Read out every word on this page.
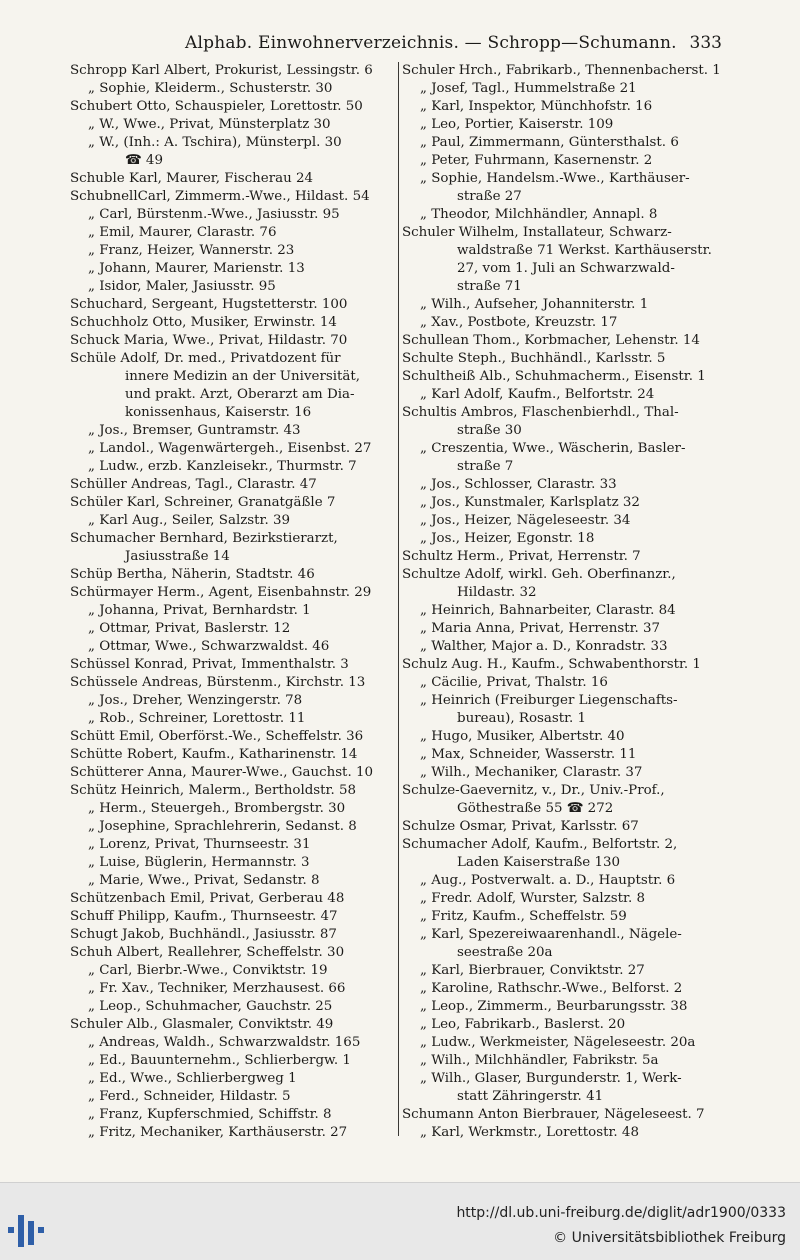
Alphab. Einwohnerverzeichnis. — Schropp—Schumann. 333
Schropp Karl Albert, Prokurist, Lessingstr. 6
„ Sophie, Kleiderm., Schusterstr. 30
Schubert Otto, Schauspieler, Lorettostr. 50
„ W., Wwe., Privat, Münsterplatz 30
„ W., (Inh.: A. Tschira), Münsterpl. 30
☎ 49
Schuble Karl, Maurer, Fischerau 24
SchubnellCarl, Zimmerm.-Wwe., Hildast. 54
„ Carl, Bürstenm.-Wwe., Jasiusstr. 95
„ Emil, Maurer, Clarastr. 76
„ Franz, Heizer, Wannerstr. 23
„ Johann, Maurer, Marienstr. 13
„ Isidor, Maler, Jasiusstr. 95
Schuchard, Sergeant, Hugstetterstr. 100
Schuchholz Otto, Musiker, Erwinstr. 14
Schuck Maria, Wwe., Privat, Hildastr. 70
Schüle Adolf, Dr. med., Privatdozent für
innere Medizin an der Universität,
und prakt. Arzt, Oberarzt am Dia-
konissenhaus, Kaiserstr. 16
„ Jos., Bremser, Guntramstr. 43
„ Landol., Wagenwärtergeh., Eisenbst. 27
„ Ludw., erzb. Kanzleisekr., Thurmstr. 7
Schüller Andreas, Tagl., Clarastr. 47
Schüler Karl, Schreiner, Granatgäßle 7
„ Karl Aug., Seiler, Salzstr. 39
Schumacher Bernhard, Bezirkstierarzt,
Jasiusstraße 14
Schüp Bertha, Näherin, Stadtstr. 46
Schürmayer Herm., Agent, Eisenbahnstr. 29
„ Johanna, Privat, Bernhardstr. 1
„ Ottmar, Privat, Baslerstr. 12
„ Ottmar, Wwe., Schwarzwaldst. 46
Schüssel Konrad, Privat, Immenthalstr. 3
Schüssele Andreas, Bürstenm., Kirchstr. 13
„ Jos., Dreher, Wenzingerstr. 78
„ Rob., Schreiner, Lorettostr. 11
Schütt Emil, Oberförst.-We., Scheffelstr. 36
Schütte Robert, Kaufm., Katharinenstr. 14
Schütterer Anna, Maurer-Wwe., Gauchst. 10
Schütz Heinrich, Malerm., Bertholdstr. 58
„ Herm., Steuergeh., Brombergstr. 30
„ Josephine, Sprachlehrerin, Sedanst. 8
„ Lorenz, Privat, Thurnseestr. 31
„ Luise, Büglerin, Hermannstr. 3
„ Marie, Wwe., Privat, Sedanstr. 8
Schützenbach Emil, Privat, Gerberau 48
Schuff Philipp, Kaufm., Thurnseestr. 47
Schugt Jakob, Buchhändl., Jasiusstr. 87
Schuh Albert, Reallehrer, Scheffelstr. 30
„ Carl, Bierbr.-Wwe., Conviktstr. 19
„ Fr. Xav., Techniker, Merzhausest. 66
„ Leop., Schuhmacher, Gauchstr. 25
Schuler Alb., Glasmaler, Conviktstr. 49
„ Andreas, Waldh., Schwarzwaldstr. 165
„ Ed., Bauunternehm., Schlierbergw. 1
„ Ed., Wwe., Schlierbergweg 1
„ Ferd., Schneider, Hildastr. 5
„ Franz, Kupferschmied, Schiffstr. 8
„ Fritz, Mechaniker, Karthäuserstr. 27
Schuler Hrch., Fabrikarb., Thennenbacherst. 1
„ Josef, Tagl., Hummelstraße 21
„ Karl, Inspektor, Münchhofstr. 16
„ Leo, Portier, Kaiserstr. 109
„ Paul, Zimmermann, Güntersthalst. 6
„ Peter, Fuhrmann, Kasernenstr. 2
„ Sophie, Handelsm.-Wwe., Karthäuser-
straße 27
„ Theodor, Milchhändler, Annapl. 8
Schuler Wilhelm, Installateur, Schwarz-
waldstraße 71 Werkst. Karthäuserstr.
27, vom 1. Juli an Schwarzwald-
straße 71
„ Wilh., Aufseher, Johanniterstr. 1
„ Xav., Postbote, Kreuzstr. 17
Schullean Thom., Korbmacher, Lehenstr. 14
Schulte Steph., Buchhändl., Karlsstr. 5
Schultheiß Alb., Schuhmacherm., Eisenstr. 1
„ Karl Adolf, Kaufm., Belfortstr. 24
Schultis Ambros, Flaschenbierhdl., Thal-
straße 30
„ Creszentia, Wwe., Wäscherin, Basler-
straße 7
„ Jos., Schlosser, Clarastr. 33
„ Jos., Kunstmaler, Karlsplatz 32
„ Jos., Heizer, Nägeleseestr. 34
„ Jos., Heizer, Egonstr. 18
Schultz Herm., Privat, Herrenstr. 7
Schultze Adolf, wirkl. Geh. Oberfinanzr.,
Hildastr. 32
„ Heinrich, Bahnarbeiter, Clarastr. 84
„ Maria Anna, Privat, Herrenstr. 37
„ Walther, Major a. D., Konradstr. 33
Schulz Aug. H., Kaufm., Schwabenthorstr. 1
„ Cäcilie, Privat, Thalstr. 16
„ Heinrich (Freiburger Liegenschafts-
bureau), Rosastr. 1
„ Hugo, Musiker, Albertstr. 40
„ Max, Schneider, Wasserstr. 11
„ Wilh., Mechaniker, Clarastr. 37
Schulze-Gaevernitz, v., Dr., Univ.-Prof.,
Göthestraße 55 ☎ 272
Schulze Osmar, Privat, Karlsstr. 67
Schumacher Adolf, Kaufm., Belfortstr. 2,
Laden Kaiserstraße 130
„ Aug., Postverwalt. a. D., Hauptstr. 6
„ Fredr. Adolf, Wurster, Salzstr. 8
„ Fritz, Kaufm., Scheffelstr. 59
„ Karl, Spezereiwaarenhandl., Nägele-
seestraße 20a
„ Karl, Bierbrauer, Conviktstr. 27
„ Karoline, Rathschr.-Wwe., Belforst. 2
„ Leop., Zimmerm., Beurbarungsstr. 38
„ Leo, Fabrikarb., Baslerst. 20
„ Ludw., Werkmeister, Nägeleseestr. 20a
„ Wilh., Milchhändler, Fabrikstr. 5a
„ Wilh., Glaser, Burgunderstr. 1, Werk-
statt Zähringerstr. 41
Schumann Anton Bierbrauer, Nägeleseest. 7
„ Karl, Werkmstr., Lorettostr. 48
http://dl.ub.uni-freiburg.de/diglit/adr1900/0333
© Universitätsbibliothek Freiburg
